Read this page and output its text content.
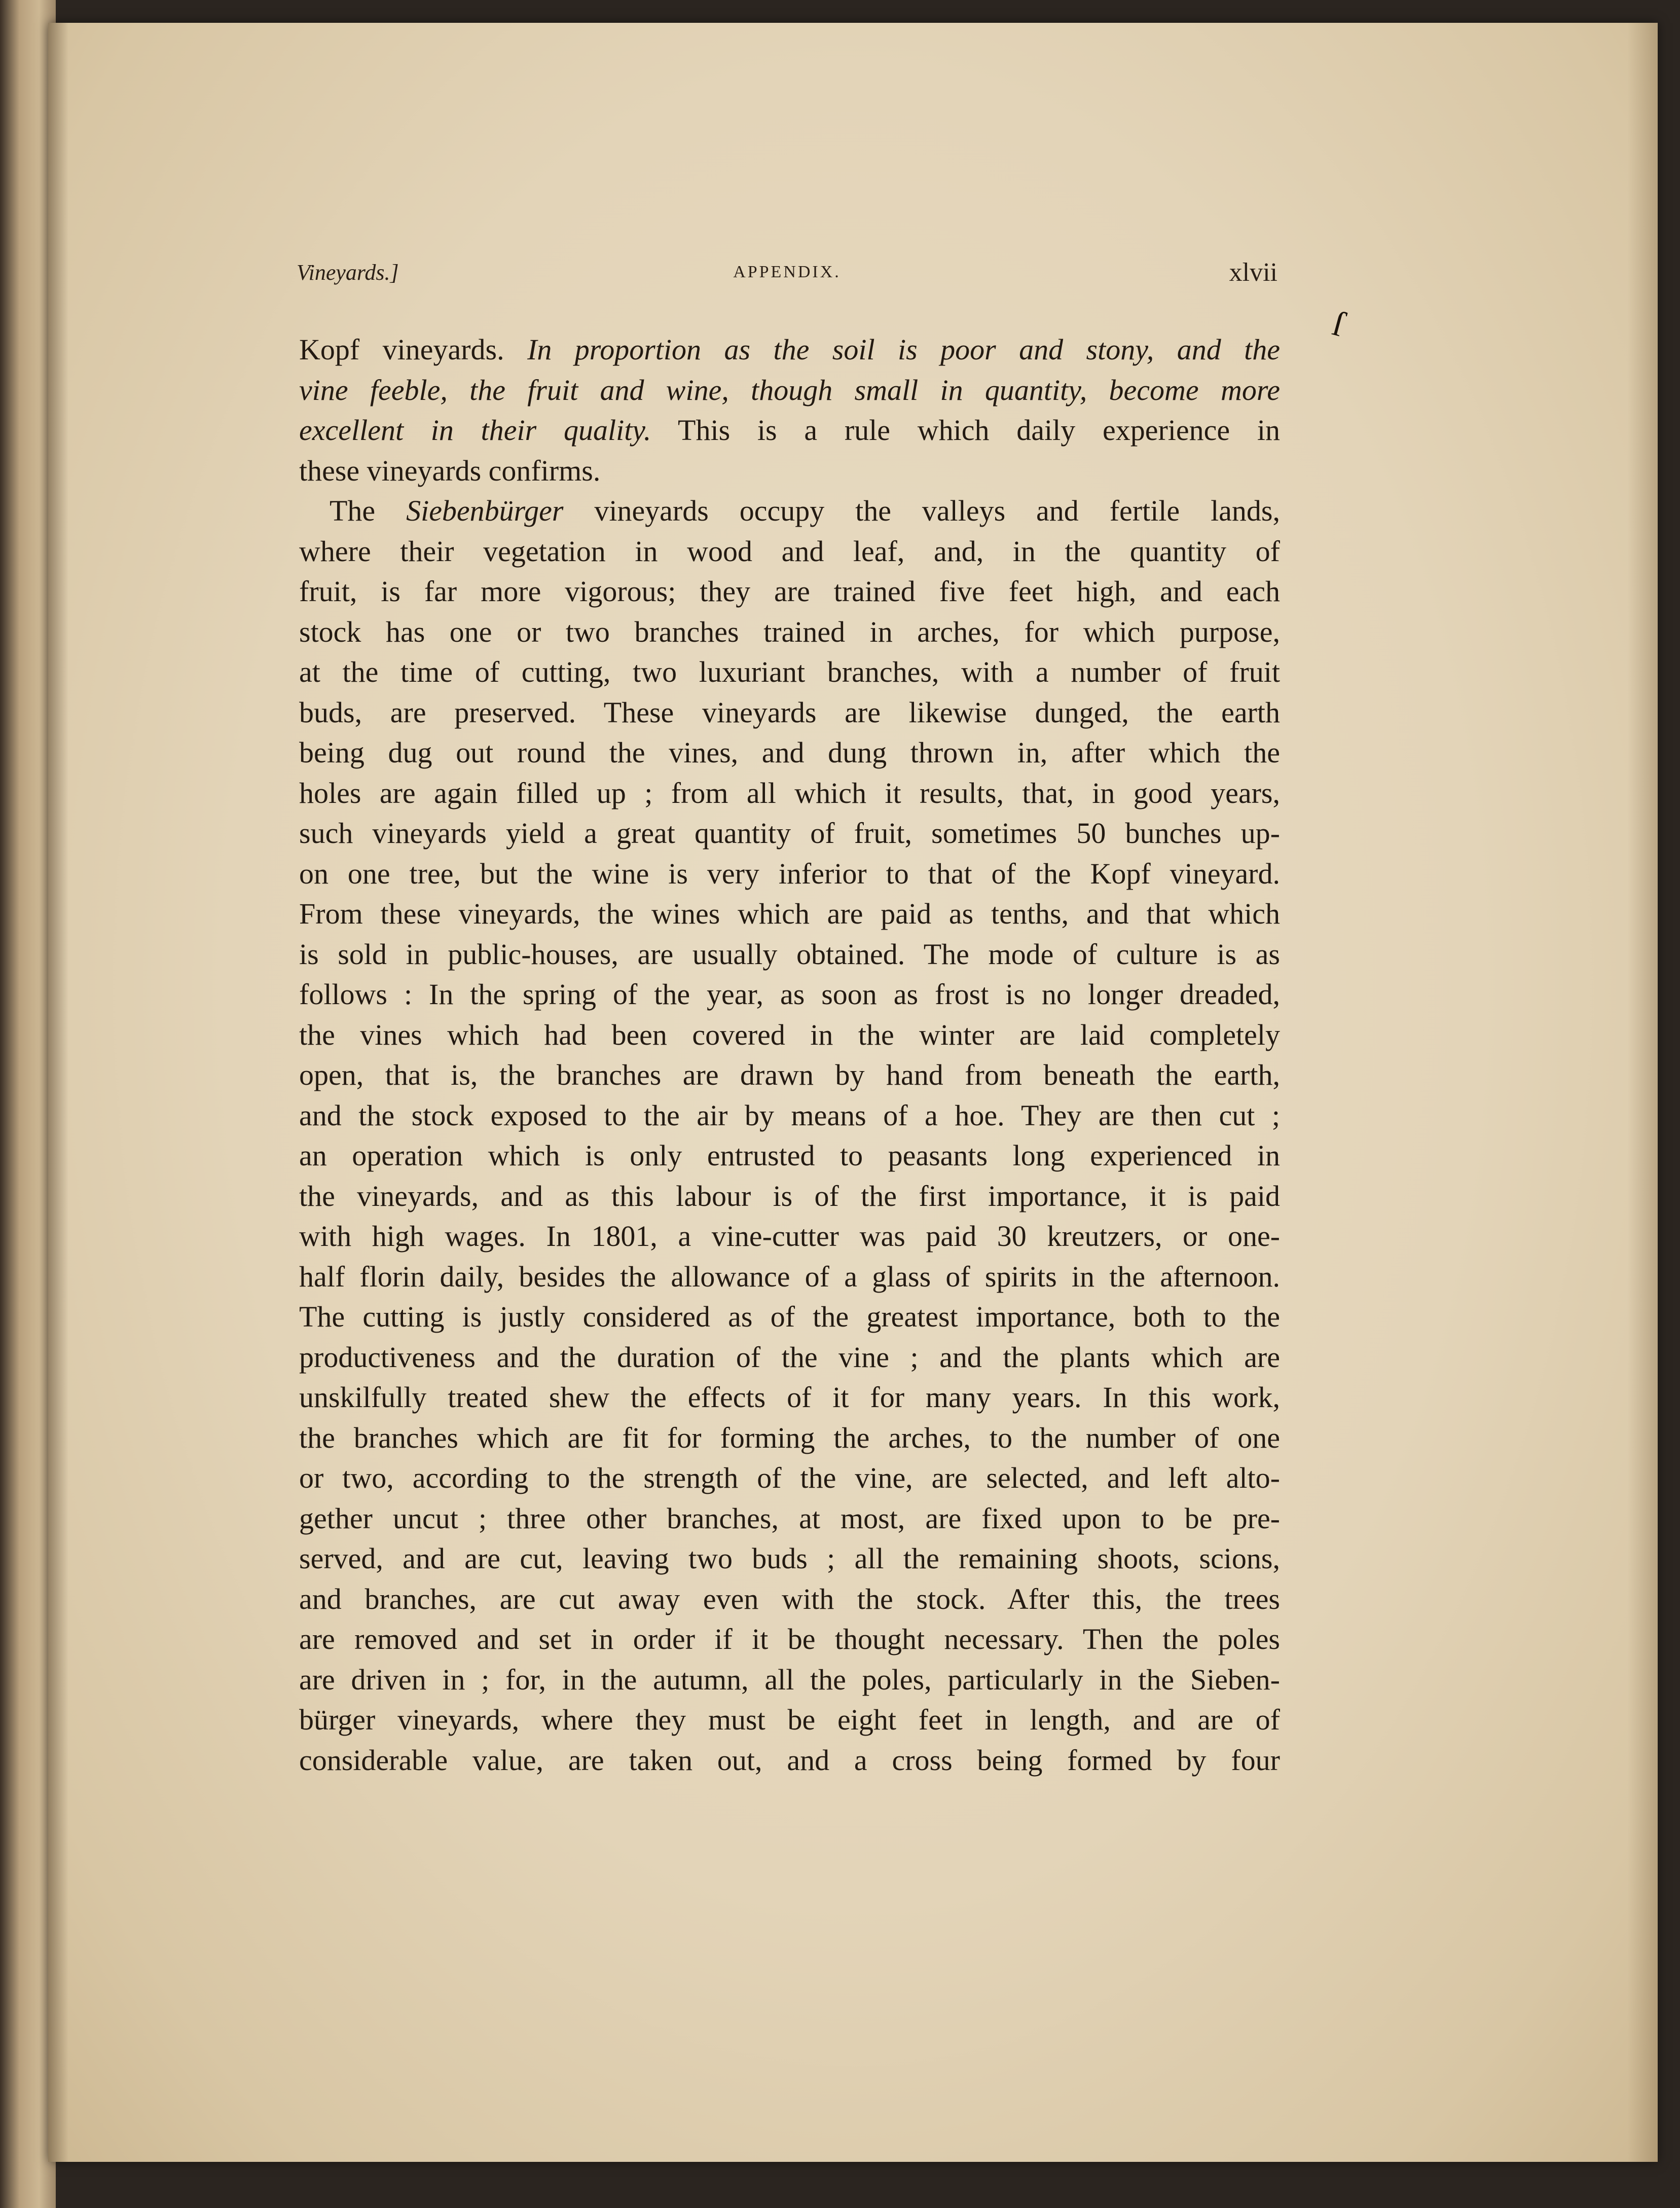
Vineyards.]	APPENDIX.	xlvii
Kopf vineyards. In proportion as the soil is poor and stony, and the
vine feeble, the fruit and wine, though small in quantity, become more
excellent in their quality. This is a rule which daily experience in
these vineyards confirms.
The Siebenbürger vineyards occupy the valleys and fertile lands,
where their vegetation in wood and leaf, and, in the quantity of
fruit, is far more vigorous; they are trained five feet high, and each
stock has one or two branches trained in arches, for which purpose,
at the time of cutting, two luxuriant branches, with a number of fruit
buds, are preserved. These vineyards are likewise dunged, the earth
being dug out round the vines, and dung thrown in, after which the
holes are again filled up ; from all which it results, that, in good years,
such vineyards yield a great quantity of fruit, sometimes 50 bunches up-
on one tree, but the wine is very inferior to that of the Kopf vineyard.
From these vineyards, the wines which are paid as tenths, and that which
is sold in public-houses, are usually obtained. The mode of culture is as
follows : In the spring of the year, as soon as frost is no longer dreaded,
the vines which had been covered in the winter are laid completely
open, that is, the branches are drawn by hand from beneath the earth,
and the stock exposed to the air by means of a hoe. They are then cut ;
an operation which is only entrusted to peasants long experienced in
the vineyards, and as this labour is of the first importance, it is paid
with high wages. In 1801, a vine-cutter was paid 30 kreutzers, or one-
half florin daily, besides the allowance of a glass of spirits in the afternoon.
The cutting is justly considered as of the greatest importance, both to the
productiveness and the duration of the vine ; and the plants which are
unskilfully treated shew the effects of it for many years. In this work,
the branches which are fit for forming the arches, to the number of one
or two, according to the strength of the vine, are selected, and left alto-
gether uncut ; three other branches, at most, are fixed upon to be pre-
served, and are cut, leaving two buds ; all the remaining shoots, scions,
and branches, are cut away even with the stock. After this, the trees
are removed and set in order if it be thought necessary. Then the poles
are driven in ; for, in the autumn, all the poles, particularly in the Sieben-
bürger vineyards, where they must be eight feet in length, and are of
considerable value, are taken out, and a cross being formed by four
ſ
